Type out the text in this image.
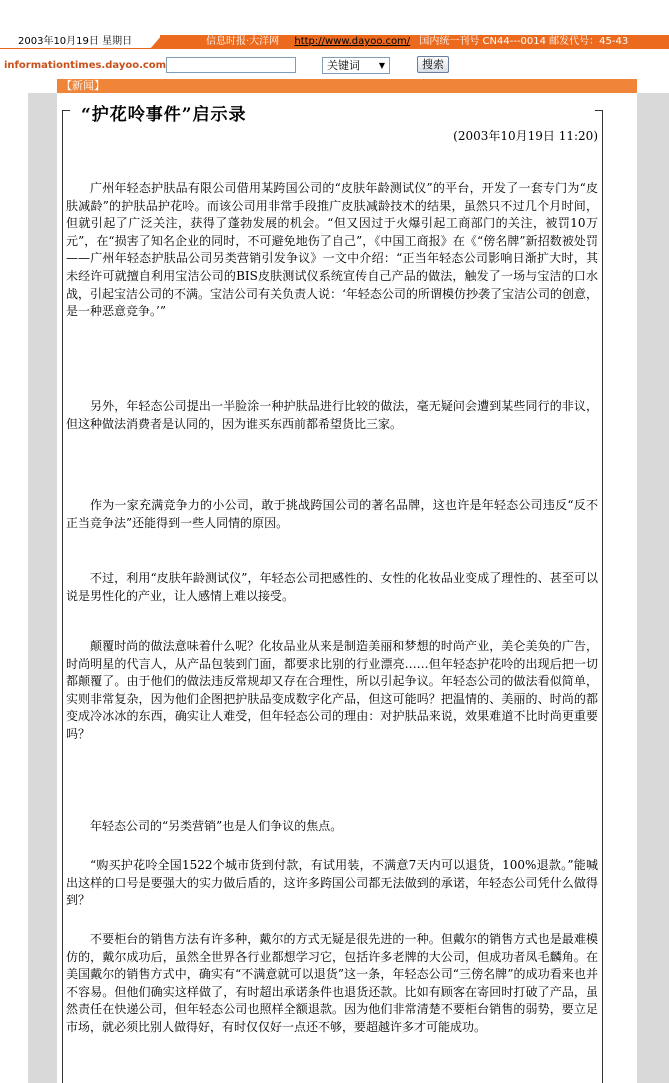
2003年10月19日 星期日	信息时报·大洋网 http://www.dayoo.com/ 国内统一刊号 CN44---0014 邮发代号：45-43
informationtimes.dayoo.com	关键词 ▼	搜索
【新闻】
“护花呤事件”启示录
(2003年10月19日 11:20)

广州年轻态护肤品有限公司借用某跨国公司的“皮肤年龄测试仪”的平台，开发了一套专门为“皮肤减龄”的护肤品护花呤。而该公司用非常手段推广皮肤减龄技术的结果，虽然只不过几个月时间，但就引起了广泛关注，获得了蓬勃发展的机会。“但又因过于火爆引起工商部门的关注，被罚10万元”，在“损害了知名企业的同时，不可避免地伤了自己”，《中国工商报》在《“傍名牌”新招数被处罚——广州年轻态护肤品公司另类营销引发争议》一文中介绍：“正当年轻态公司影响日渐扩大时，其未经许可就擅自利用宝洁公司的BIS皮肤测试仪系统宣传自己产品的做法，触发了一场与宝洁的口水战，引起宝洁公司的不满。宝洁公司有关负责人说：‘年轻态公司的所谓模仿抄袭了宝洁公司的创意，是一种恶意竞争。’”

另外，年轻态公司提出一半脸涂一种护肤品进行比较的做法，毫无疑问会遭到某些同行的非议，但这种做法消费者是认同的，因为谁买东西前都希望货比三家。

作为一家充满竞争力的小公司，敢于挑战跨国公司的著名品牌，这也许是年轻态公司违反“反不正当竞争法”还能得到一些人同情的原因。

不过，利用“皮肤年龄测试仪”，年轻态公司把感性的、女性的化妆品业变成了理性的、甚至可以说是男性化的产业，让人感情上难以接受。

颠覆时尚的做法意味着什么呢？化妆品业从来是制造美丽和梦想的时尚产业，美仑美奂的广告，时尚明星的代言人，从产品包装到门面，都要求比别的行业漂亮……但年轻态护花呤的出现后把一切都颠覆了。由于他们的做法违反常规却又存在合理性，所以引起争议。年轻态公司的做法看似简单，实则非常复杂，因为他们企图把护肤品变成数字化产品，但这可能吗？把温情的、美丽的、时尚的都变成冷冰冰的东西，确实让人难受，但年轻态公司的理由：对护肤品来说，效果难道不比时尚更重要吗？

年轻态公司的“另类营销”也是人们争议的焦点。

“购买护花呤全国1522个城市货到付款，有试用装，不满意7天内可以退货，100%退款。”能喊出这样的口号是要强大的实力做后盾的，这许多跨国公司都无法做到的承诺，年轻态公司凭什么做得到？

不要柜台的销售方法有许多种，戴尔的方式无疑是很先进的一种。但戴尔的销售方式也是最难模仿的，戴尔成功后，虽然全世界各行业都想学习它，包括许多老牌的大公司，但成功者凤毛麟角。在 美国戴尔的销售方式中，确实有“不满意就可以退货”这一条，年轻态公司“三傍名牌”的成功看来也并不容易。但他们确实这样做了，有时超出承诺条件也退货还款。比如有顾客在寄回时打破了产品，虽然责任在快递公司，但年轻态公司也照样全额退款。因为他们非常清楚不要柜台销售的弱势，要立足市场，就必须比别人做得好，有时仅仅好一点还不够，要超越许多才可能成功。
